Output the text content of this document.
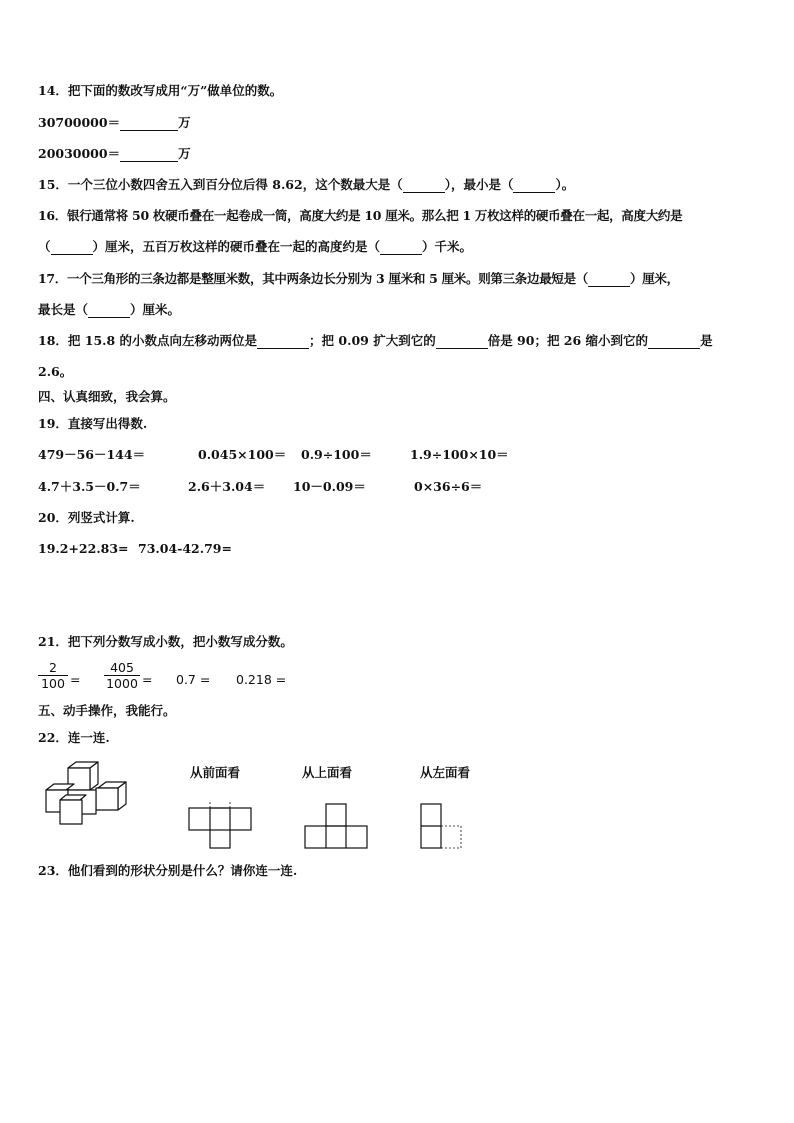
14．把下面的数改写成用“万”做单位的数。
30700000＝	万
20030000＝	万
15．一个三位小数四舍五入到百分位后得 8.62，这个数最大是（	），最小是（	）。
16．银行通常将 50 枚硬币叠在一起卷成一筒，高度大约是 10 厘米。那么把 1 万枚这样的硬币叠在一起，高度大约是
（	）厘米，五百万枚这样的硬币叠在一起的高度约是（	）千米。
17．一个三角形的三条边都是整厘米数，其中两条边长分别为 3 厘米和 5 厘米。则第三条边最短是（	）厘米，
最长是（	）厘米。
18．把 15.8 的小数点向左移动两位是	；把 0.09 扩大到它的	倍是 90；把 26 缩小到它的	是
2.6。
四、认真细致，我会算。
19．直接写出得数.
479－56－144＝	0.045×100＝ 0.9÷100＝	1.9÷100×10＝
4.7＋3.5－0.7＝	2.6＋3.04＝ 10－0.09＝	0×36÷6＝
20．列竖式计算.
19.2+22.83= 73.04-42.79=
21．把下列分数写成小数，把小数写成分数。
$\frac{2}{100} = \frac{405}{1000} = 0.7 = 0.218$ =
五、动手操作，我能行。
22．连一连.
从前面看	从上面看	从左面看
23．他们看到的形状分别是什么？请你连一连.
